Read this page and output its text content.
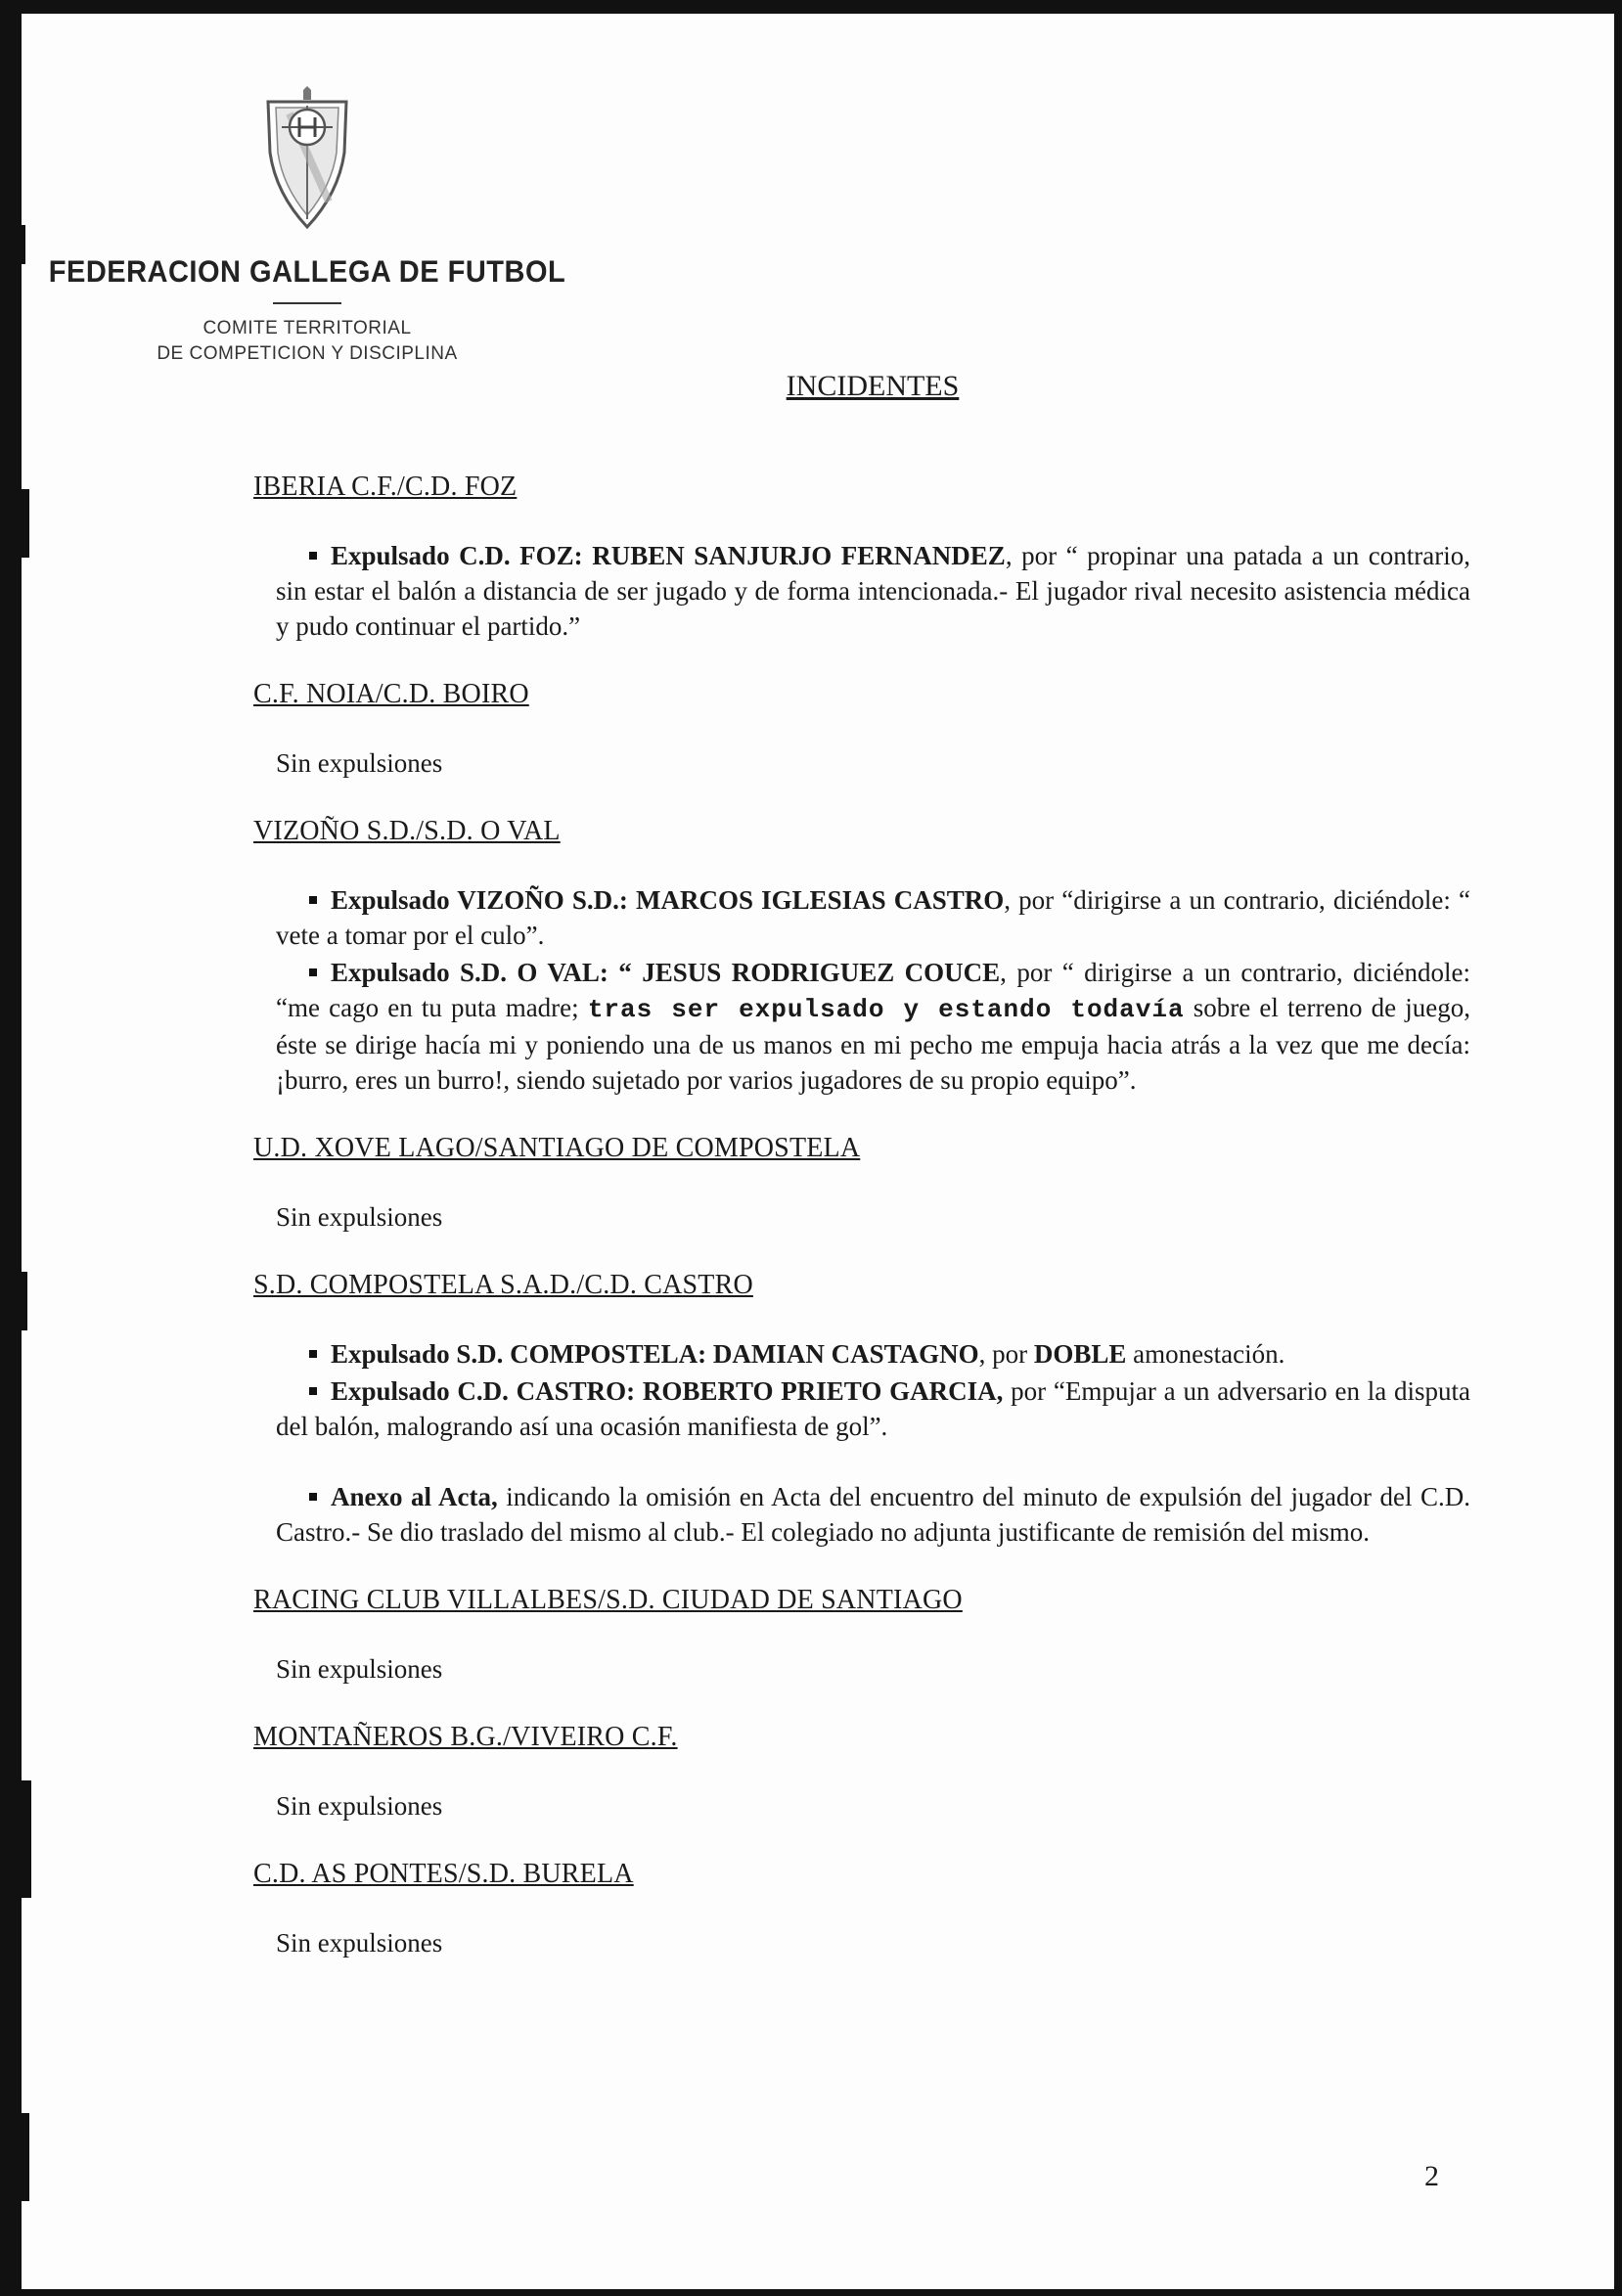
FEDERACION GALLEGA DE FUTBOL
COMITE TERRITORIAL
DE COMPETICION Y DISCIPLINA
INCIDENTES
IBERIA C.F./C.D. FOZ

Expulsado C.D. FOZ: RUBEN SANJURJO FERNANDEZ, por “ propinar una patada a un contrario, sin estar el balón a distancia de ser jugado y de forma intencionada.- El jugador rival necesito asistencia médica y pudo continuar el partido.”

C.F. NOIA/C.D. BOIRO
Sin expulsiones
VIZOÑO S.D./S.D. O VAL

Expulsado VIZOÑO S.D.: MARCOS IGLESIAS CASTRO, por “dirigirse a un contrario, diciéndole: “ vete a tomar por el culo”.

Expulsado S.D. O VAL: “ JESUS RODRIGUEZ COUCE, por “ dirigirse a un contrario, diciéndole: “me cago en tu puta madre; tras ser expulsado y estando todavía sobre el terreno de juego, éste se dirige hacía mi y poniendo una de us manos en mi pecho me empuja hacia atrás a la vez que me decía:¡burro, eres un burro!, siendo sujetado por varios jugadores de su propio equipo”.

U.D. XOVE LAGO/SANTIAGO DE COMPOSTELA
Sin expulsiones
S.D. COMPOSTELA S.A.D./C.D. CASTRO

Expulsado S.D. COMPOSTELA: DAMIAN CASTAGNO, por DOBLE amonestación.

Expulsado C.D. CASTRO: ROBERTO PRIETO GARCIA, por “Empujar a un adversario en la disputa del balón, malogrando así una ocasión manifiesta de gol”.

Anexo al Acta, indicando la omisión en Acta del encuentro del minuto de expulsión del jugador del C.D. Castro.- Se dio traslado del mismo al club.- El colegiado no adjunta justificante de remisión del mismo.

RACING CLUB VILLALBES/S.D. CIUDAD DE SANTIAGO
Sin expulsiones
MONTAÑEROS B.G./VIVEIRO C.F.
Sin expulsiones
C.D. AS PONTES/S.D. BURELA
Sin expulsiones
2
